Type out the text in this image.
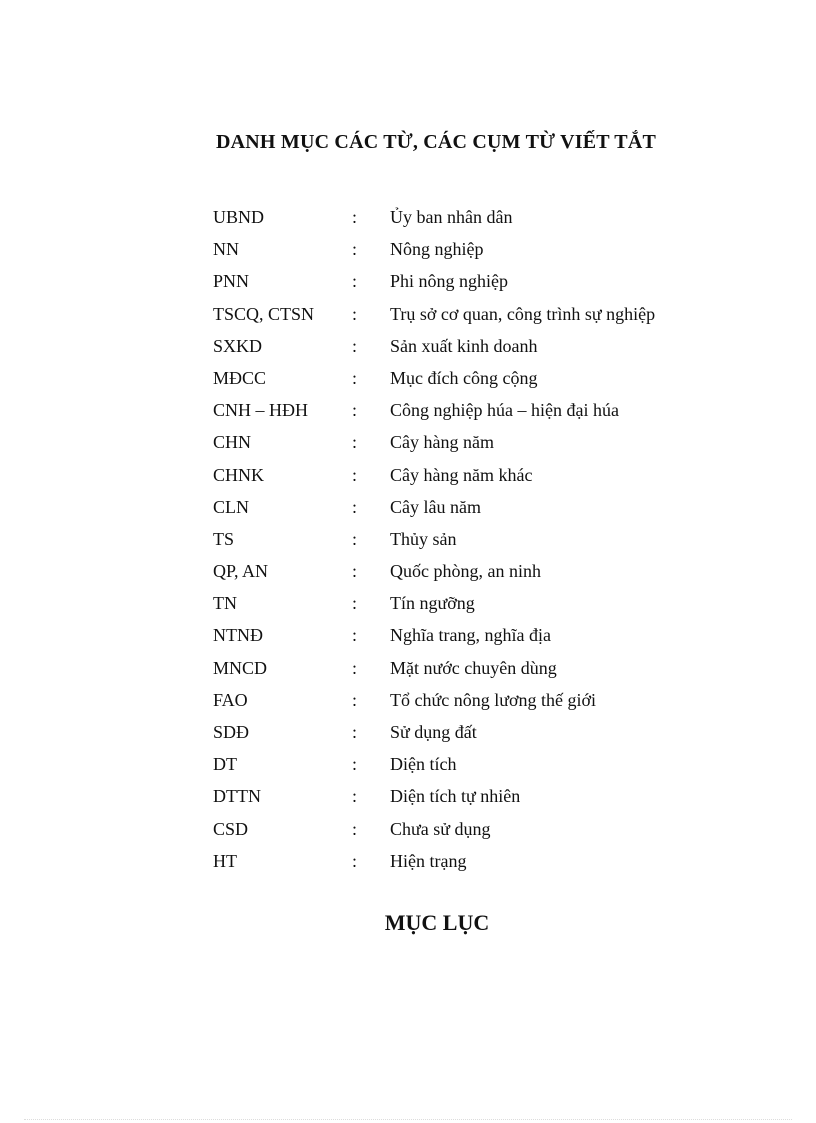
DANH MỤC CÁC TỪ, CÁC CỤM TỪ VIẾT TẮT
UBND	: Ủy ban nhân dân
NN	: Nông nghiệp
PNN	: Phi nông nghiệp
TSCQ, CTSN : Trụ sở cơ quan, công trình sự nghiệp
SXKD	: Sản xuất kinh doanh
MĐCC	: Mục đích công cộng
CNH – HĐH : Công nghiệp húa – hiện đại húa
CHN	: Cây hàng năm
CHNK	: Cây hàng năm khác
CLN	: Cây lâu năm
TS	: Thủy sản
QP, AN	: Quốc phòng, an ninh
TN	: Tín ngưỡng
NTNĐ	: Nghĩa trang, nghĩa địa
MNCD	: Mặt nước chuyên dùng
FAO	: Tổ chức nông lương thế giới
SDĐ	: Sử dụng đất
DT	: Diện tích
DTTN	: Diện tích tự nhiên
CSD	: Chưa sử dụng
HT	: Hiện trạng
MỤC LỤC
